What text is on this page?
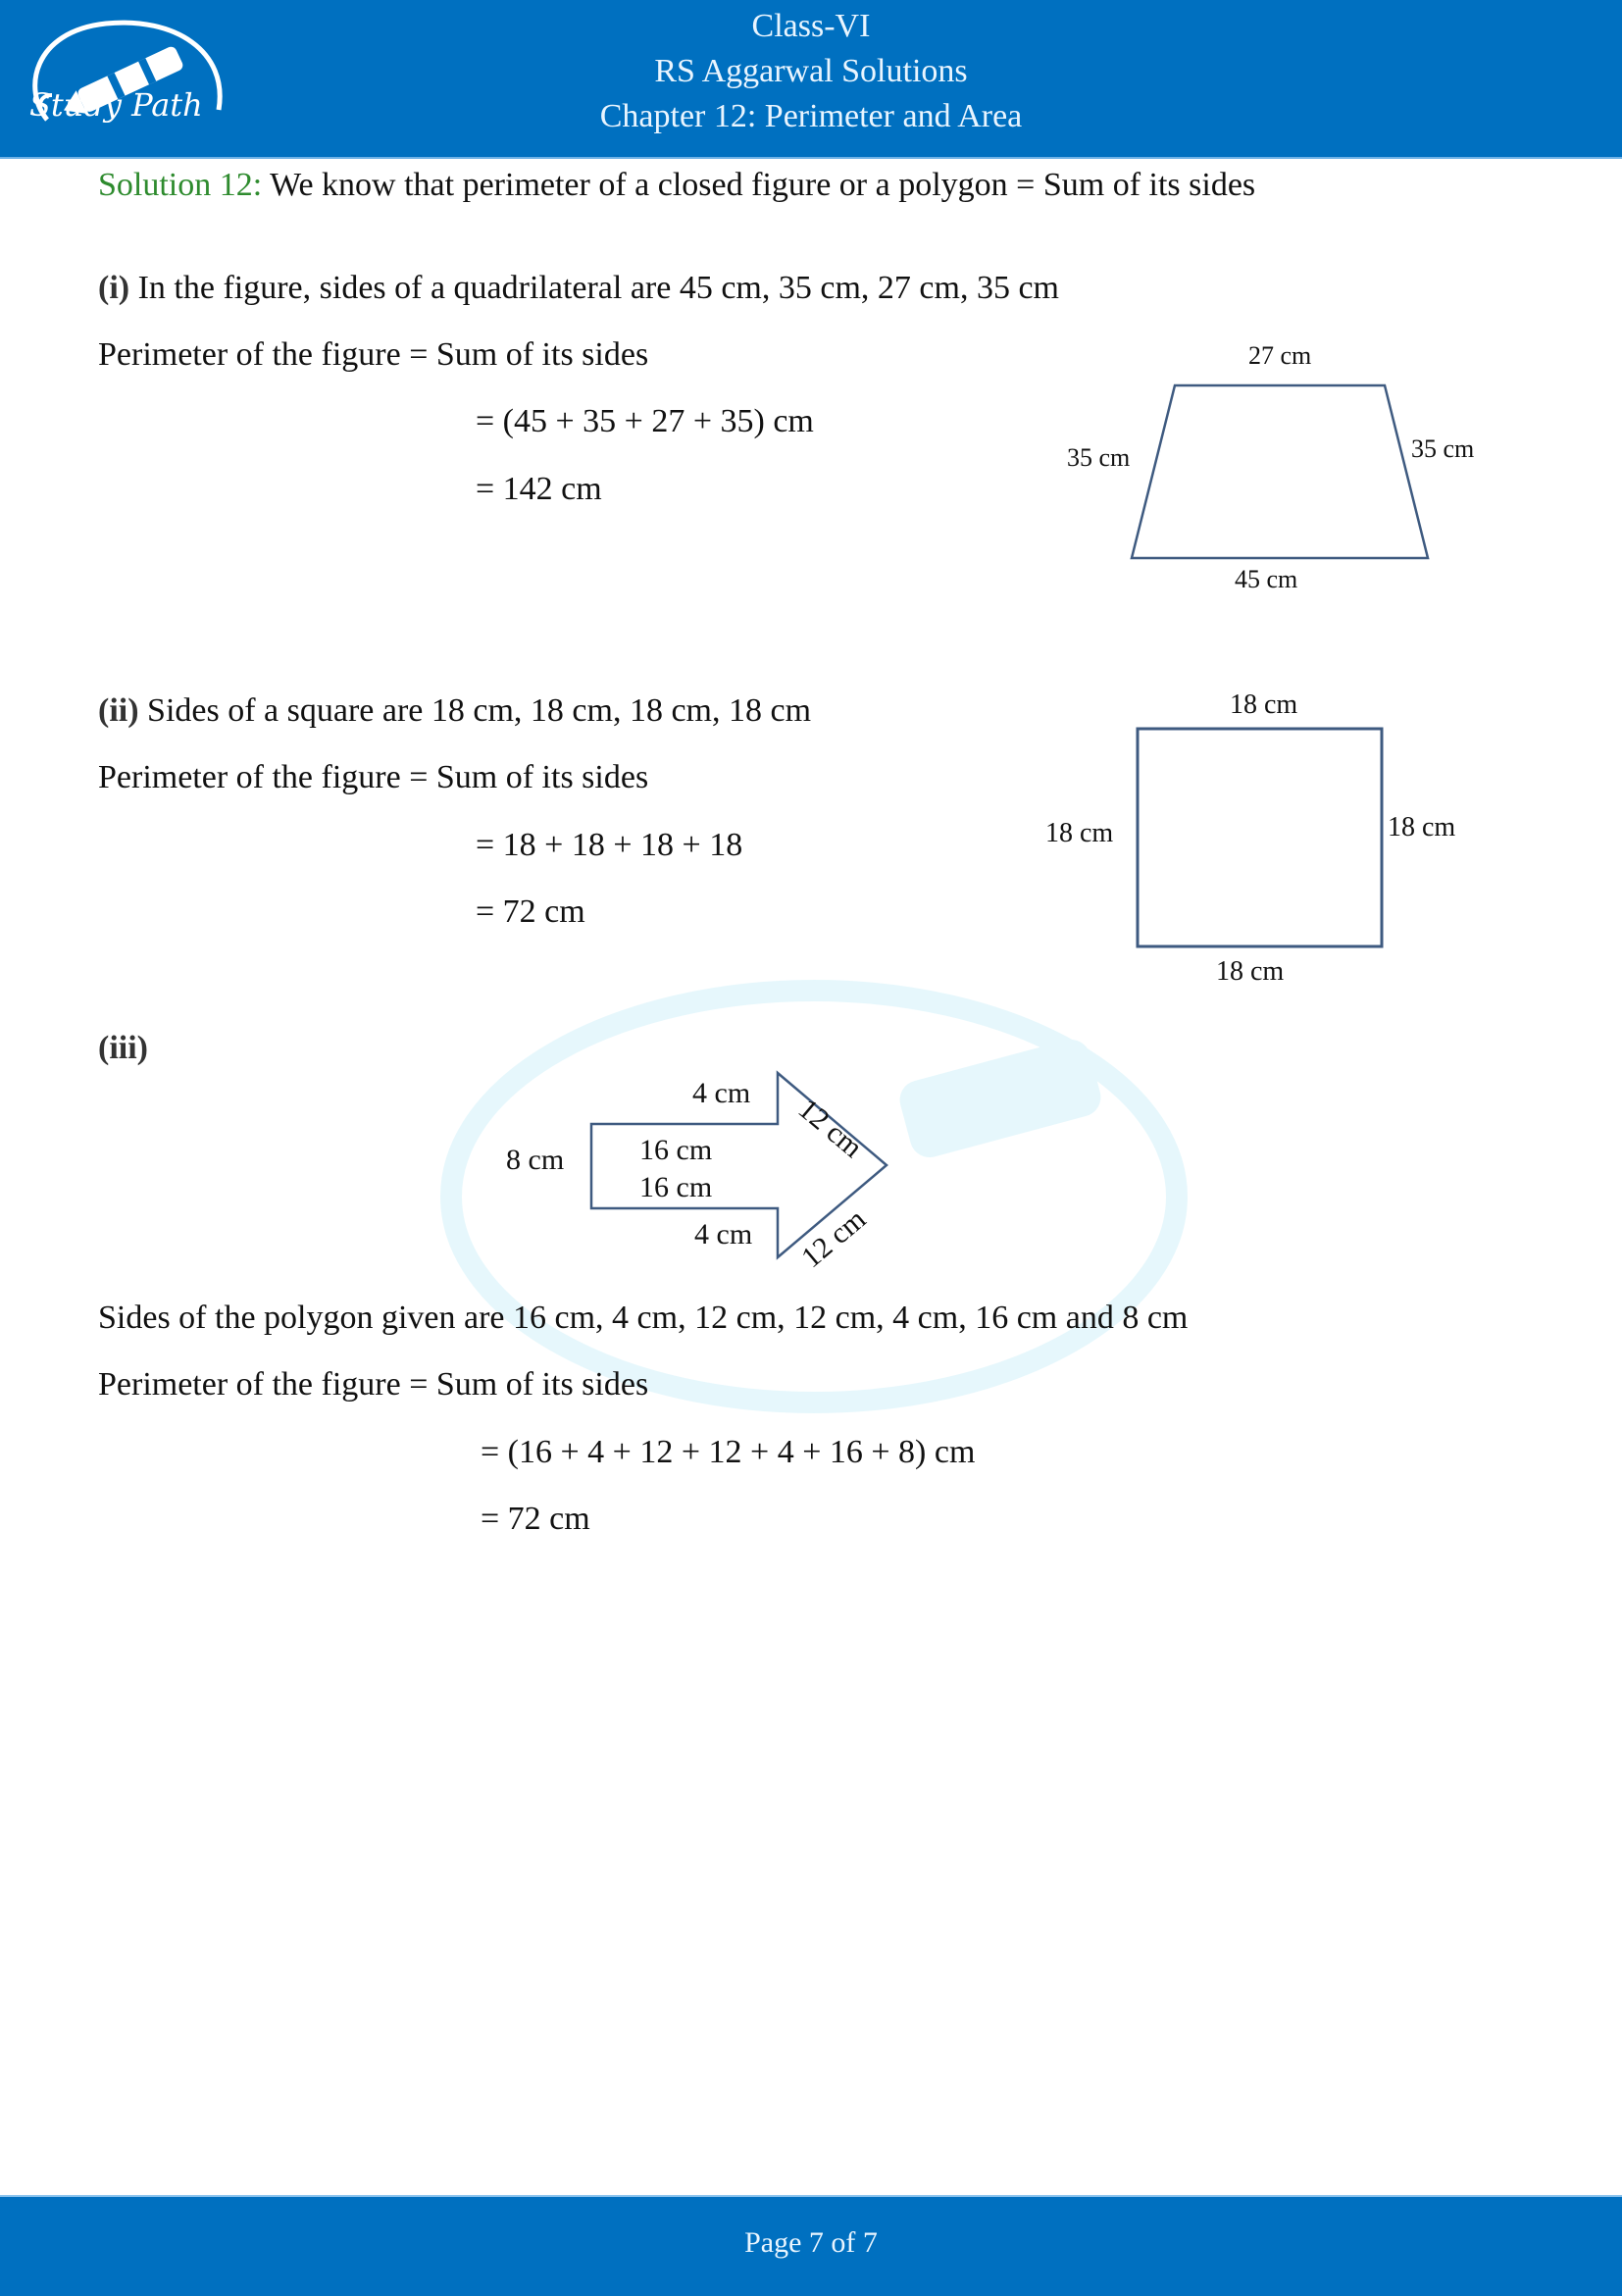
Study Path
Class-VI
RS Aggarwal Solutions
Chapter 12: Perimeter and Area
Solution 12: We know that perimeter of a closed figure or a polygon = Sum of its sides
(i) In the figure, sides of a quadrilateral are 45 cm, 35 cm, 27 cm, 35 cm
Perimeter of the figure = Sum of its sides
= (45 + 35 + 27 + 35) cm
= 142 cm
27 cm
35 cm	35 cm
45 cm
(ii) Sides of a square are 18 cm, 18 cm, 18 cm, 18 cm
Perimeter of the figure = Sum of its sides
= 18 + 18 + 18 + 18
= 72 cm
18 cm
18 cm	18 cm
18 cm
(iii)
8 cm	16 cm
16 cm
4 cm
4 cm
12 cm
12 cm
Sides of the polygon given are 16 cm, 4 cm, 12 cm, 12 cm, 4 cm, 16 cm and 8 cm
Perimeter of the figure = Sum of its sides
= (16 + 4 + 12 + 12 + 4 + 16 + 8) cm
= 72 cm
Page 7 of 7
